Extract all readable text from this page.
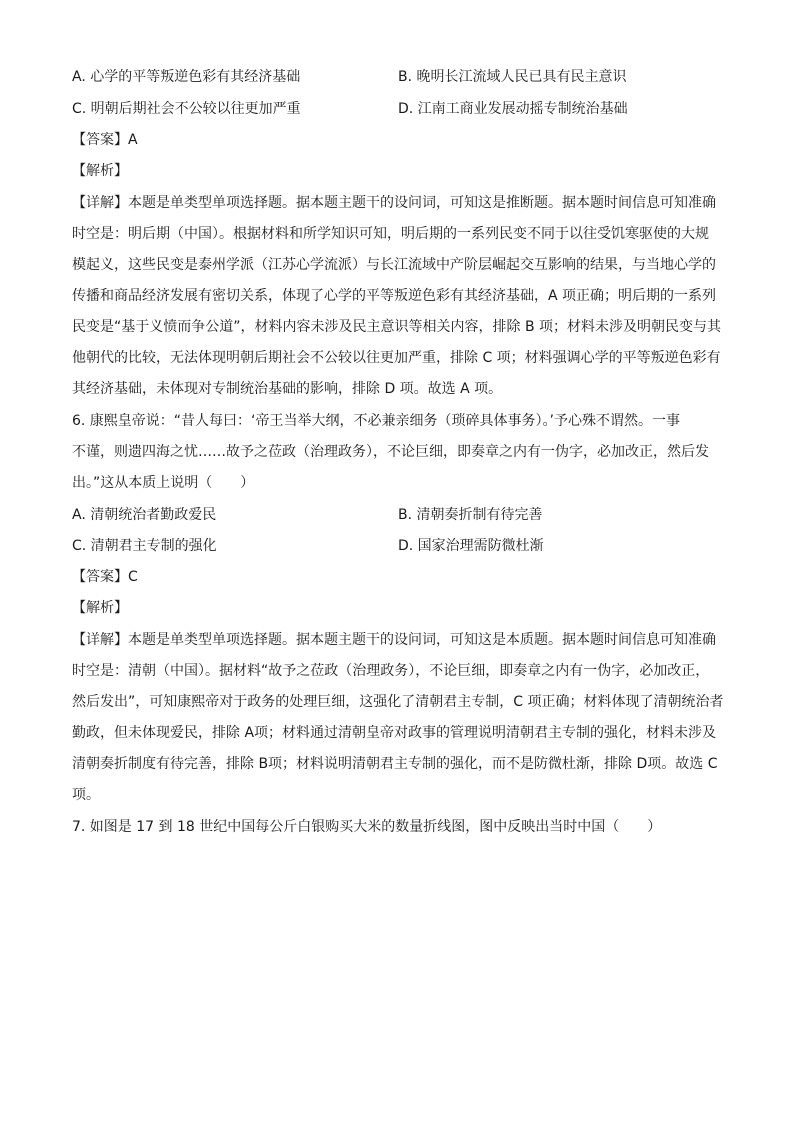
A. 心学的平等叛逆色彩有其经济基础	B. 晚明长江流域人民已具有民主意识
C. 明朝后期社会不公较以往更加严重	D. 江南工商业发展动摇专制统治基础
【答案】A
【解析】
【详解】本题是单类型单项选择题。据本题主题干的设问词，可知这是推断题。据本题时间信息可知准确
时空是：明后期（中国）。根据材料和所学知识可知，明后期的一系列民变不同于以往受饥寒驱使的大规
模起义，这些民变是泰州学派（江苏心学流派）与长江流域中产阶层崛起交互影响的结果，与当地心学的
传播和商品经济发展有密切关系，体现了心学的平等叛逆色彩有其经济基础，A 项正确；明后期的一系列
民变是“基于义愤而争公道”，材料内容未涉及民主意识等相关内容，排除 B 项；材料未涉及明朝民变与其
他朝代的比较，无法体现明朝后期社会不公较以往更加严重，排除 C 项；材料强调心学的平等叛逆色彩有
其经济基础，未体现对专制统治基础的影响，排除 D 项。故选 A 项。
6. 康熙皇帝说：“昔人每曰：‘帝王当举大纲，不必兼亲细务（琐碎具体事务）。’予心殊不谓然。一事
不谨，则遗四海之忧……故予之莅政（治理政务），不论巨细，即奏章之内有一伪字，必加改正，然后发
出。”这从本质上说明（　　）
A. 清朝统治者勤政爱民	B. 清朝奏折制有待完善
C. 清朝君主专制的强化	D. 国家治理需防微杜渐
【答案】C
【解析】
【详解】本题是单类型单项选择题。据本题主题干的设问词，可知这是本质题。据本题时间信息可知准确
时空是：清朝（中国）。据材料“故予之莅政（治理政务），不论巨细，即奏章之内有一伪字，必加改正，
然后发出”，可知康熙帝对于政务的处理巨细，这强化了清朝君主专制，C 项正确；材料体现了清朝统治者
勤政，但未体现爱民，排除 A项；材料通过清朝皇帝对政事的管理说明清朝君主专制的强化，材料未涉及
清朝奏折制度有待完善，排除 B项；材料说明清朝君主专制的强化，而不是防微杜渐，排除 D项。故选 C
项。
7. 如图是 17 到 18 世纪中国每公斤白银购买大米的数量折线图，图中反映出当时中国（　　）
